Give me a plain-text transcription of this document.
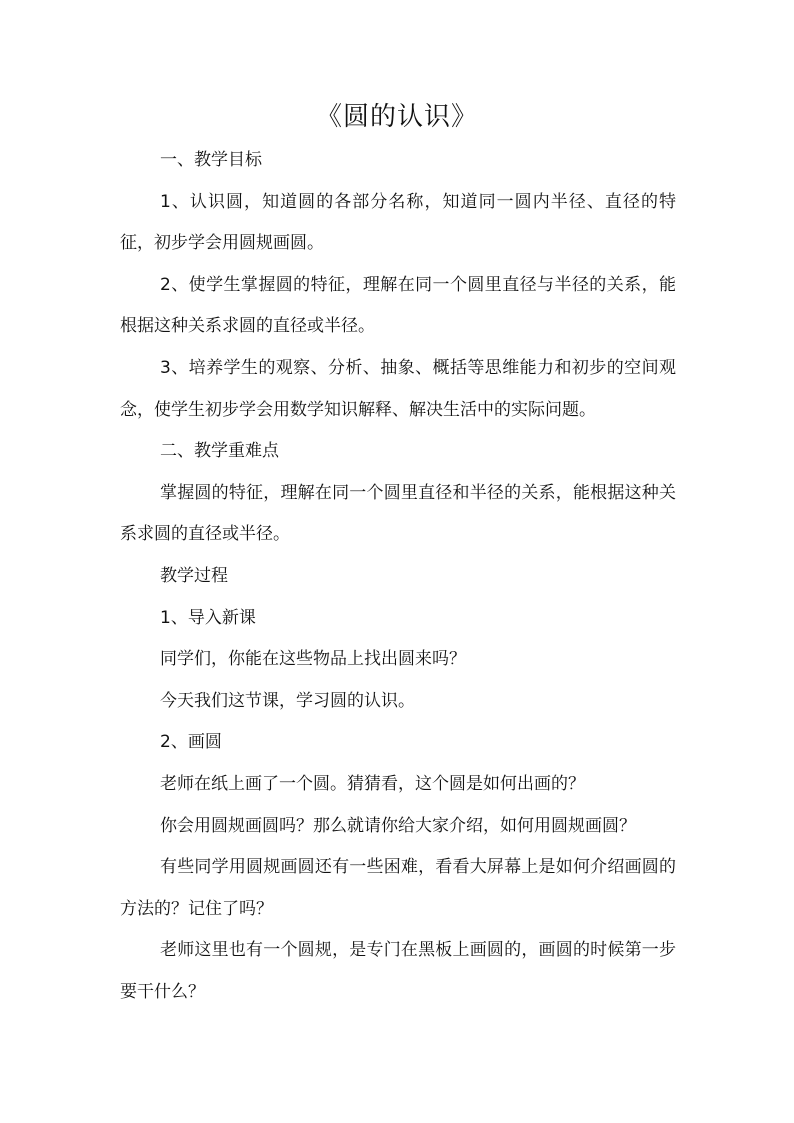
《圆的认识》

一、教学目标

1、认识圆，知道圆的各部分名称，知道同一圆内半径、直径的特征，初步学会用圆规画圆。

2、使学生掌握圆的特征，理解在同一个圆里直径与半径的关系，能根据这种关系求圆的直径或半径。

3、培养学生的观察、分析、抽象、概括等思维能力和初步的空间观念，使学生初步学会用数学知识解释、解决生活中的实际问题。

二、教学重难点

掌握圆的特征，理解在同一个圆里直径和半径的关系，能根据这种关系求圆的直径或半径。

教学过程

1、导入新课

同学们，你能在这些物品上找出圆来吗？

今天我们这节课，学习圆的认识。

2、画圆

老师在纸上画了一个圆。猜猜看，这个圆是如何出画的？

你会用圆规画圆吗？那么就请你给大家介绍，如何用圆规画圆？

有些同学用圆规画圆还有一些困难，看看大屏幕上是如何介绍画圆的方法的？记住了吗？

老师这里也有一个圆规，是专门在黑板上画圆的，画圆的时候第一步要干什么？
